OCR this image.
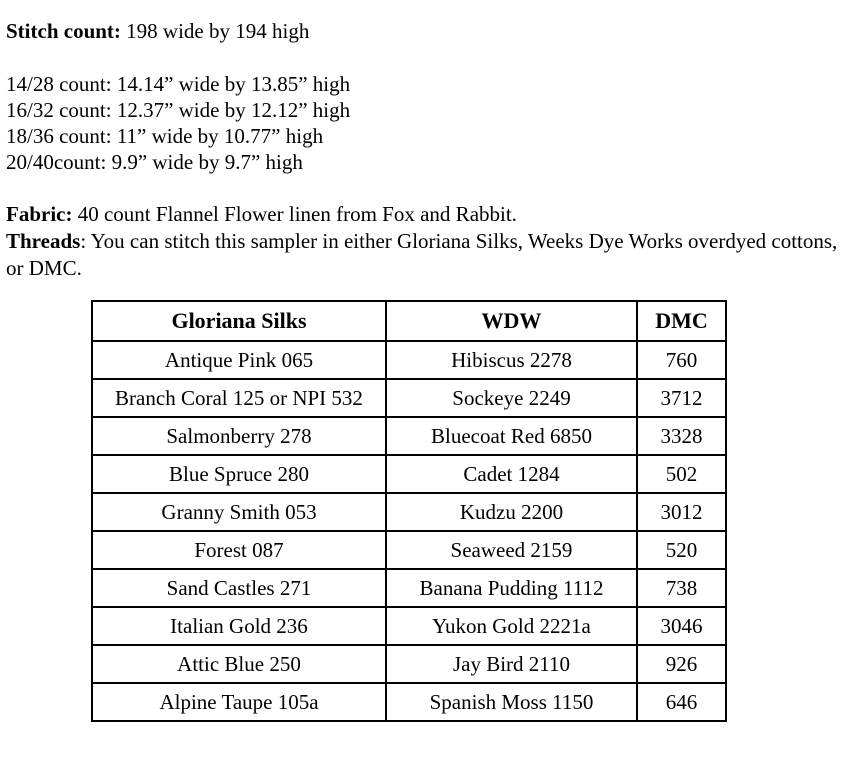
Stitch count: 198 wide by 194 high
14/28 count: 14.14” wide by 13.85” high
16/32 count: 12.37” wide by 12.12” high
18/36 count: 11” wide by 10.77” high
20/40count: 9.9” wide by 9.7” high
Fabric: 40 count Flannel Flower linen from Fox and Rabbit.
Threads: You can stitch this sampler in either Gloriana Silks, Weeks Dye Works overdyed cottons, or DMC.
Gloriana Silks	WDW	DMC
Antique Pink 065	Hibiscus 2278	760
Branch Coral 125 or NPI 532	Sockeye 2249	3712
Salmonberry 278	Bluecoat Red 6850	3328
Blue Spruce 280	Cadet 1284	502
Granny Smith 053	Kudzu 2200	3012
Forest 087	Seaweed 2159	520
Sand Castles 271	Banana Pudding 1112	738
Italian Gold 236	Yukon Gold 2221a	3046
Attic Blue 250	Jay Bird 2110	926
Alpine Taupe 105a	Spanish Moss 1150	646
